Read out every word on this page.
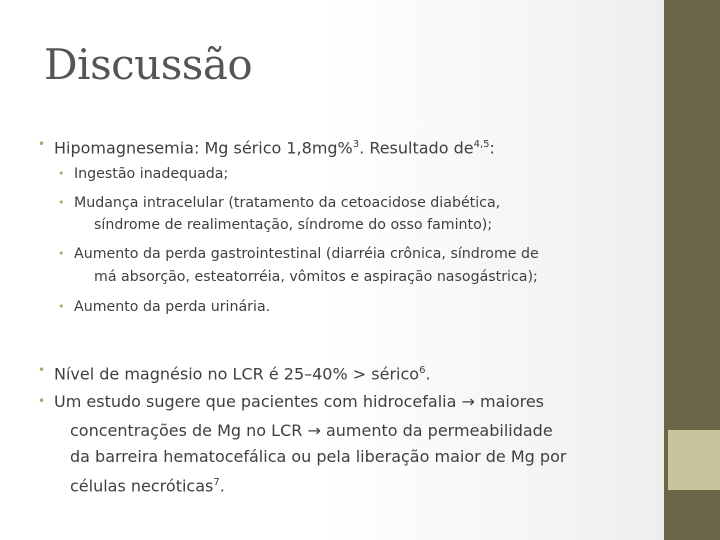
Discussão
• Hipomagnesemia: Mg sérico 1,8mg%$^3$. Resultado de$^{4,5}$:
• Ingestão inadequada;
• Mudança intracelular (tratamento da cetoacidose diabética,
síndrome de realimentação, síndrome do osso faminto);
• Aumento da perda gastrointestinal (diarréia crônica, síndrome de
má absorção, esteatorréia, vômitos e aspiração nasogástrica);
• Aumento da perda urinária.
• Nível de magnésio no LCR é 25–40% > sérico$^6$.
• Um estudo sugere que pacientes com hidrocefalia → maiores
concentrações de Mg no LCR → aumento da permeabilidade
da barreira hematocefálica ou pela liberação maior de Mg por
células necróticas$^7$.
